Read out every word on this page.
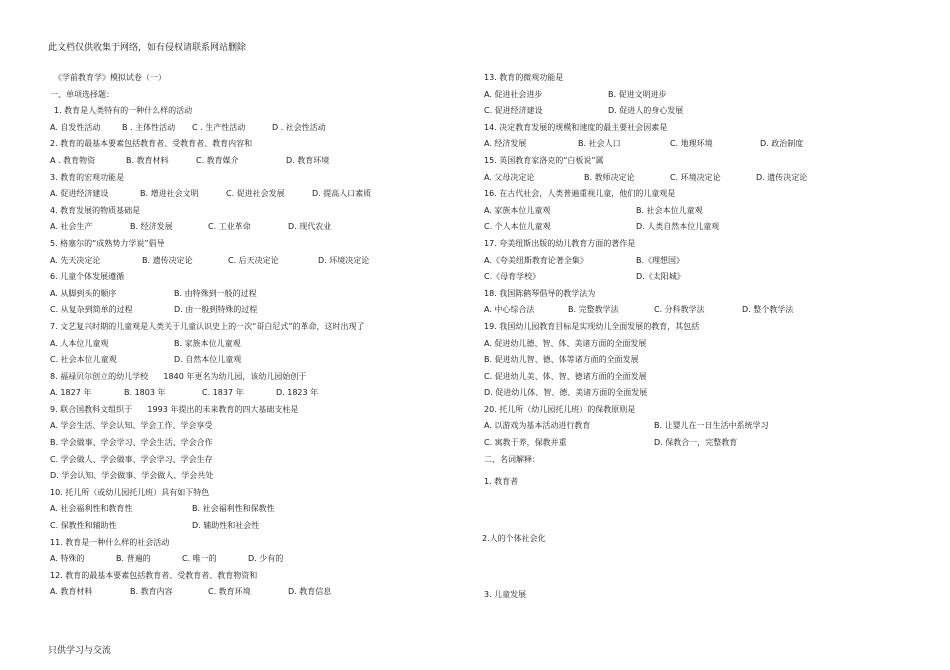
此文档仅供收集于网络，如有侵权请联系网站删除
《学前教育学》模拟试卷（一）
一、单项选择题：
1. 教育是人类特有的一种什么样的活动
A. 自发性活动	B . 主体性活动	C . 生产性活动	D . 社会性活动
2. 教育的最基本要素包括教育者、受教育者、教育内容和
A . 教育物资	B. 教育材料	C. 教育媒介	D. 教育环境
3. 教育的宏观功能是
A. 促进经济建设	B. 增进社会文明	C. 促进社会发展	D. 提高人口素质
4. 教育发展的物质基础是
A. 社会生产	B. 经济发展	C. 工业革命	D. 现代农业
5. 格塞尔的“成熟势力学说”倡导
A. 先天决定论	B. 遗传决定论	C. 后天决定论	D. 环境决定论
6. 儿童个体发展遵循
A. 从脚到头的顺序	B. 由特殊到一般的过程
C. 从复杂到简单的过程	D. 由一般到特殊的过程
7. 文艺复兴时期的儿童观是人类关于儿童认识史上的一次“哥白尼式”的革命，这时出现了
A. 人本位儿童观	B. 家族本位儿童观
C. 社会本位儿童观	D. 自然本位儿童观
8. 福禄贝尔创立的幼儿学校      1840 年更名为幼儿园，该幼儿园始创于
A. 1827 年	B. 1803 年	C. 1837 年	D. 1823 年
9. 联合国教科文组织于      1993 年提出的未来教育的四大基础支柱是
A. 学会生活、学会认知、学会工作、学会享受
B. 学会做事、学会学习、学会生活、学会合作
C. 学会做人、学会做事、学会学习、学会生存
D. 学会认知、学会做事、学会做人、学会共处
10. 托儿所（或幼儿园托儿班）具有如下特色
A. 社会福利性和教育性	B. 社会福利性和保教性
C. 保教性和辅助性	D. 辅助性和社会性
11. 教育是一种什么样的社会活动
A. 特殊的	B. 普遍的	C. 唯一的	D. 少有的
12. 教育的最基本要素包括教育者、受教育者、教育物资和
A. 教育材料	B. 教育内容	C. 教育环境	D. 教育信息
13. 教育的微观功能是
A. 促进社会进步	B. 促进文明进步
C. 促进经济建设	D. 促进人的身心发展
14. 决定教育发展的规模和速度的最主要社会因素是
A. 经济发展	B. 社会人口	C. 地理环境	D. 政治制度
15. 英国教育家洛克的“白板说”属
A. 父母决定论	B. 教师决定论	C. 环境决定论	D. 遗传决定论
16. 在古代社会，人类普遍重视儿童，他们的儿童观是
A. 家族本位儿童观	B. 社会本位儿童观
C. 个人本位儿童观	D. 人类自然本位儿童观
17. 夸美纽斯出版的幼儿教育方面的著作是
A.《夸美纽斯教育论著全集》	B.《理想国》
C.《母育学校》	D.《太阳城》
18. 我国陈鹤琴倡导的教学法为
A. 中心综合法	B. 完整教学法	C. 分科教学法	D. 整个教学法
19. 我国幼儿园教育目标是实现幼儿全面发展的教育，其包括
A. 促进幼儿德、智、体、美诸方面的全面发展
B. 促进幼儿智、德、体等诸方面的全面发展
C. 促进幼儿美、体、智、德诸方面的全面发展
D. 促进幼儿体、智、德、美诸方面的全面发展
20. 托儿所（幼儿园托儿班）的保教原则是
A. 以游戏为基本活动进行教育	B. 让婴儿在一日生活中系统学习
C. 寓教于养，保教并重	D. 保教合一，完整教育
二、名词解释：
1. 教育者
2.人的个体社会化
3. 儿童发展
只供学习与交流
